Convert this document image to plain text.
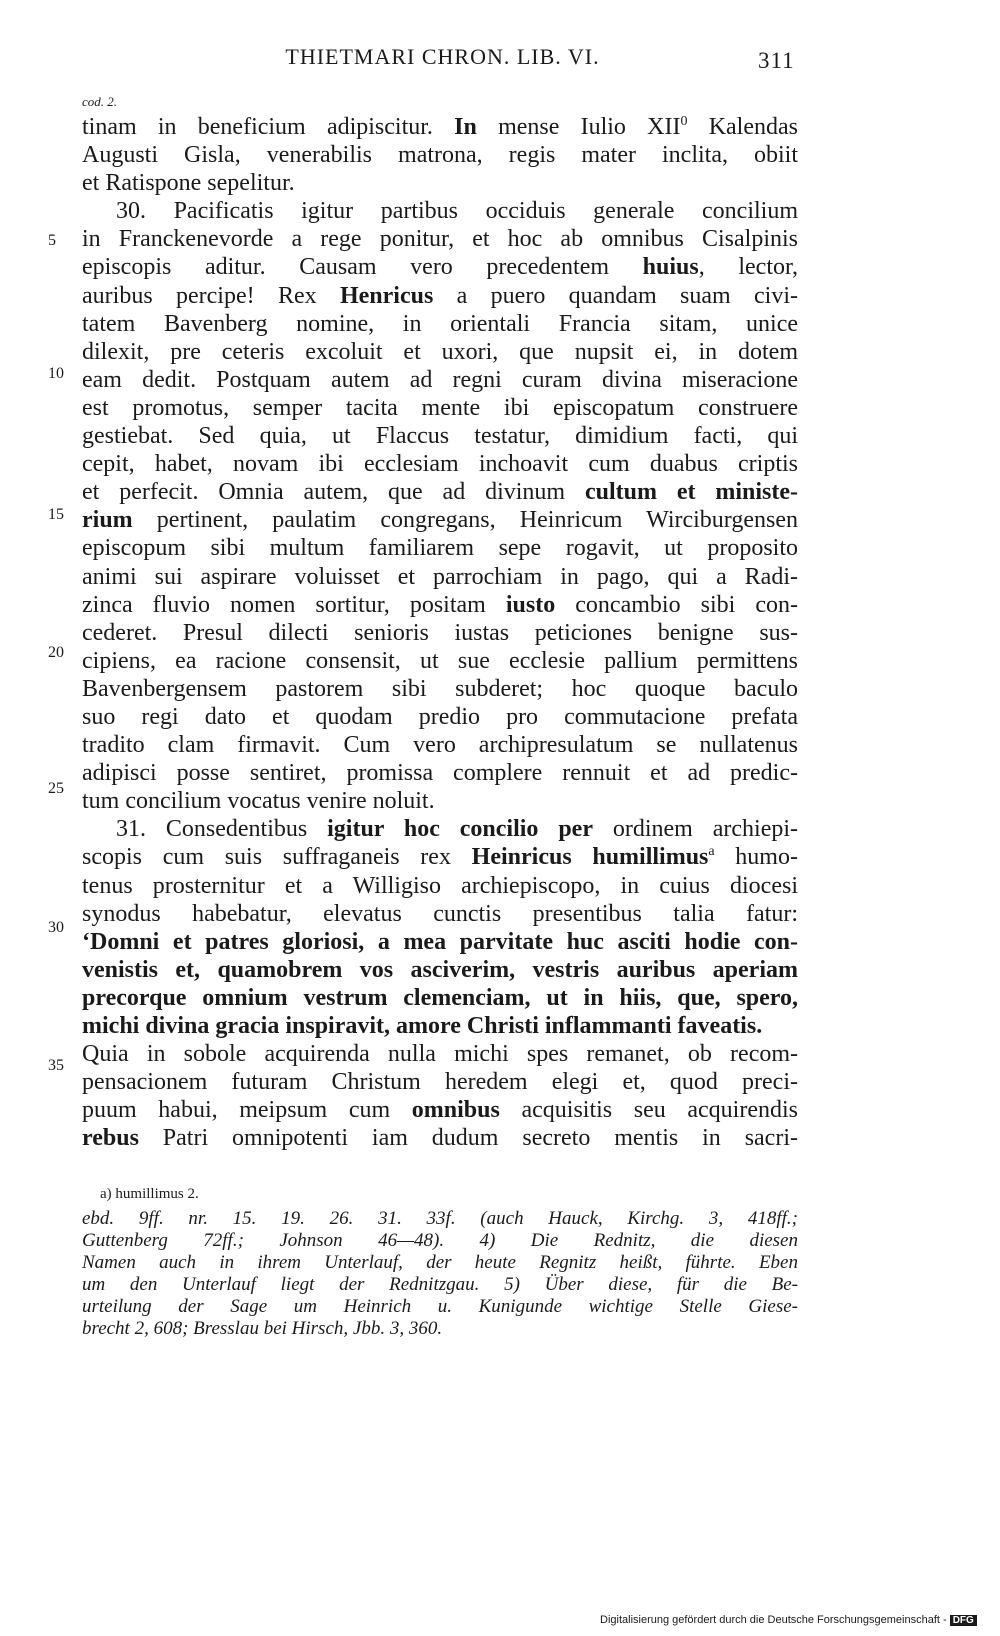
THIETMARI CHRON. LIB. VI.	311
cod. 2.
5
10
15
20
25
30
35
tinam in beneficium adipiscitur. In mense Iulio XII$^0$ Kalendas
Augusti Gisla, venerabilis matrona, regis mater inclita, obiit
et Ratispone sepelitur.
30. Pacificatis igitur partibus occiduis generale concilium
in Franckenevorde a rege ponitur, et hoc ab omnibus Cisalpinis
episcopis aditur. Causam vero precedentem huius, lector,
auribus percipe! Rex Henricus a puero quandam suam civi-
tatem Bavenberg nomine, in orientali Francia sitam, unice
dilexit, pre ceteris excoluit et uxori, que nupsit ei, in dotem
eam dedit. Postquam autem ad regni curam divina miseracione
est promotus, semper tacita mente ibi episcopatum construere
gestiebat. Sed quia, ut Flaccus testatur, dimidium facti, qui
cepit, habet, novam ibi ecclesiam inchoavit cum duabus criptis
et perfecit. Omnia autem, que ad divinum cultum et ministe-
rium pertinent, paulatim congregans, Heinricum Wirciburgensen
episcopum sibi multum familiarem sepe rogavit, ut proposito
animi sui aspirare voluisset et parrochiam in pago, qui a Radi-
zinca fluvio nomen sortitur, positam iusto concambio sibi con-
cederet. Presul dilecti senioris iustas peticiones benigne sus-
cipiens, ea racione consensit, ut sue ecclesie pallium permittens
Bavenbergensem pastorem sibi subderet; hoc quoque baculo
suo regi dato et quodam predio pro commutacione prefata
tradito clam firmavit. Cum vero archipresulatum se nullatenus
adipisci posse sentiret, promissa complere rennuit et ad predic-
tum concilium vocatus venire noluit.
31. Consedentibus igitur hoc concilio per ordinem archiepi-
scopis cum suis suffraganeis rex Heinricus humillimus$^a$ humo-
tenus prosternitur et a Willigiso archiepiscopo, in cuius diocesi
synodus habebatur, elevatus cunctis presentibus talia fatur:
‘Domni et patres gloriosi, a mea parvitate huc asciti hodie con-
venistis et, quamobrem vos asciverim, vestris auribus aperiam
precorque omnium vestrum clemenciam, ut in hiis, que, spero,
michi divina gracia inspiravit, amore Christi inflammanti faveatis.
Quia in sobole acquirenda nulla michi spes remanet, ob recom-
pensacionem futuram Christum heredem elegi et, quod preci-
puum habui, meipsum cum omnibus acquisitis seu acquirendis
rebus Patri omnipotenti iam dudum secreto mentis in sacri-
a) humillimus 2.
ebd. 9ff. nr. 15. 19. 26. 31. 33f. (auch Hauck, Kirchg. 3, 418ff.;
Guttenberg 72ff.; Johnson 46—48). 4) Die Rednitz, die diesen
Namen auch in ihrem Unterlauf, der heute Regnitz heißt, führte. Eben
um den Unterlauf liegt der Rednitzgau. 5) Über diese, für die Be-
urteilung der Sage um Heinrich u. Kunigunde wichtige Stelle Giese-
brecht 2, 608; Bresslau bei Hirsch, Jbb. 3, 360.
Digitalisierung gefördert durch die Deutsche Forschungsgemeinschaft - DFG
